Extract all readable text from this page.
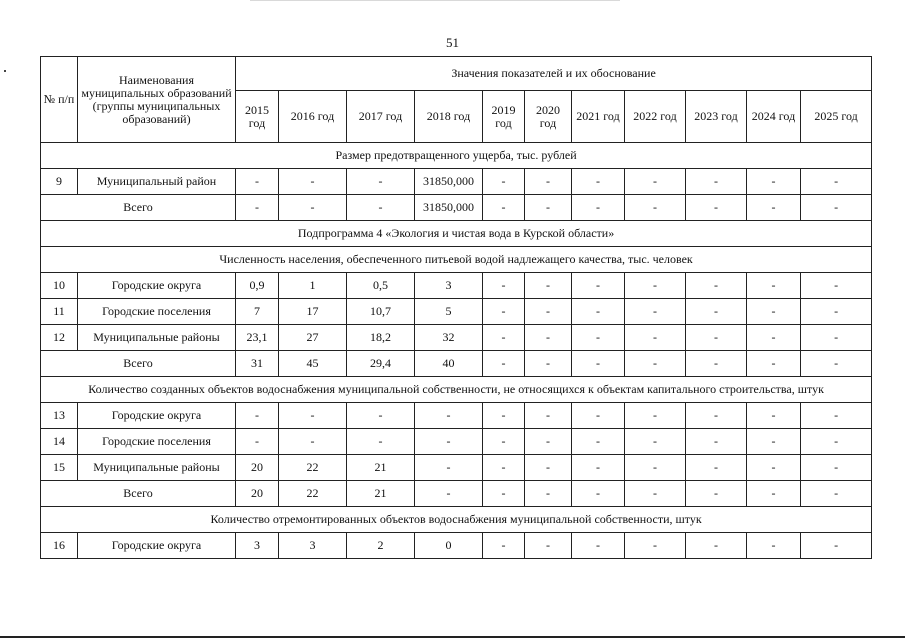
51
№ п/п	Наименования муниципальных образований (группы муниципальных образований)	Значения показателей и их обоснование										
		2015 год	2016 год	2017 год	2018 год	2019 год	2020 год	2021 год	2022 год	2023 год	2024 год	2025 год
Размер предотвращенного ущерба, тыс. рублей												
9	Муниципальный район	-	-	-	31850,000	-	-	-	-	-	-	-
Всего		-	-	-	31850,000	-	-	-	-	-	-	-
Подпрограмма 4 «Экология и чистая вода в Курской области»												
Численность населения, обеспеченного питьевой водой надлежащего качества, тыс. человек												
10	Городские округа	0,9	1	0,5	3	-	-	-	-	-	-	-
11	Городские поселения	7	17	10,7	5	-	-	-	-	-	-	-
12	Муниципальные районы	23,1	27	18,2	32	-	-	-	-	-	-	-
Всего		31	45	29,4	40	-	-	-	-	-	-	-
Количество созданных объектов водоснабжения муниципальной собственности, не относящихся к объектам капитального строительства, штук												
13	Городские округа	-	-	-	-	-	-	-	-	-	-	-
14	Городские поселения	-	-	-	-	-	-	-	-	-	-	-
15	Муниципальные районы	20	22	21	-	-	-	-	-	-	-	-
Всего		20	22	21	-	-	-	-	-	-	-	-
Количество отремонтированных объектов водоснабжения муниципальной собственности, штук												
16	Городские округа	3	3	2	0	-	-	-	-	-	-	-
